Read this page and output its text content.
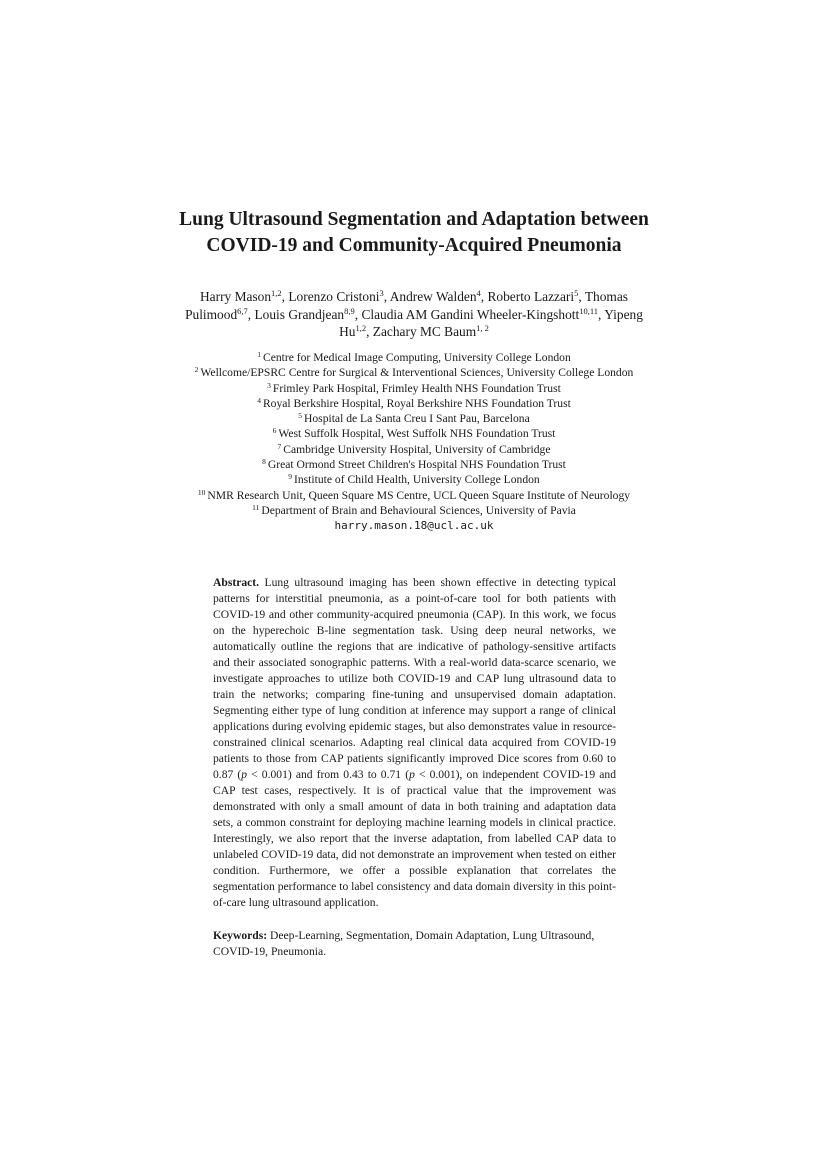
Lung Ultrasound Segmentation and Adaptation between
COVID-19 and Community-Acquired Pneumonia
Harry Mason$^{1,2}$, Lorenzo Cristoni$^3$, Andrew Walden$^4$, Roberto Lazzari$^5$, Thomas Pulimood$^{6,7}$, Louis Grandjean$^{8,9}$, Claudia AM Gandini Wheeler-Kingshott$^{10,11}$, Yipeng Hu$^{1,2}$, Zachary MC Baum$^{1, 2}$
$^1$ Centre for Medical Image Computing, University College London
$^2$ Wellcome/EPSRC Centre for Surgical & Interventional Sciences, University College London
$^3$ Frimley Park Hospital, Frimley Health NHS Foundation Trust
$^4$ Royal Berkshire Hospital, Royal Berkshire NHS Foundation Trust
$^5$ Hospital de La Santa Creu I Sant Pau, Barcelona
$^6$ West Suffolk Hospital, West Suffolk NHS Foundation Trust
$^7$ Cambridge University Hospital, University of Cambridge
$^8$ Great Ormond Street Children's Hospital NHS Foundation Trust
$^9$ Institute of Child Health, University College London
$^{10}$ NMR Research Unit, Queen Square MS Centre, UCL Queen Square Institute of Neurology
$^{11}$ Department of Brain and Behavioural Sciences, University of Pavia
harry.mason.18@ucl.ac.uk
Abstract. Lung ultrasound imaging has been shown effective in detecting typical patterns for interstitial pneumonia, as a point-of-care tool for both patients with COVID-19 and other community-acquired pneumonia (CAP). In this work, we focus on the hyperechoic B-line segmentation task. Using deep neural networks, we automatically outline the regions that are indicative of pathology-sensitive artifacts and their associated sonographic patterns. With a real-world data-scarce scenario, we investigate approaches to utilize both COVID-19 and CAP lung ultrasound data to train the networks; comparing fine-tuning and unsupervised domain adaptation. Segmenting either type of lung condition at inference may support a range of clinical applications during evolving epidemic stages, but also demonstrates value in resource-constrained clinical scenarios. Adapting real clinical data acquired from COVID-19 patients to those from CAP patients significantly improved Dice scores from 0.60 to 0.87 (p < 0.001) and from 0.43 to 0.71 (p < 0.001), on independent COVID-19 and CAP test cases, respectively. It is of practical value that the improvement was demonstrated with only a small amount of data in both training and adaptation data sets, a common constraint for deploying machine learning models in clinical practice. Interestingly, we also report that the inverse adaptation, from labelled CAP data to unlabeled COVID-19 data, did not demonstrate an improvement when tested on either condition. Furthermore, we offer a possible explanation that correlates the segmentation performance to label consistency and data domain diversity in this point-of-care lung ultrasound application.
Keywords: Deep-Learning, Segmentation, Domain Adaptation, Lung Ultrasound, COVID-19, Pneumonia.
